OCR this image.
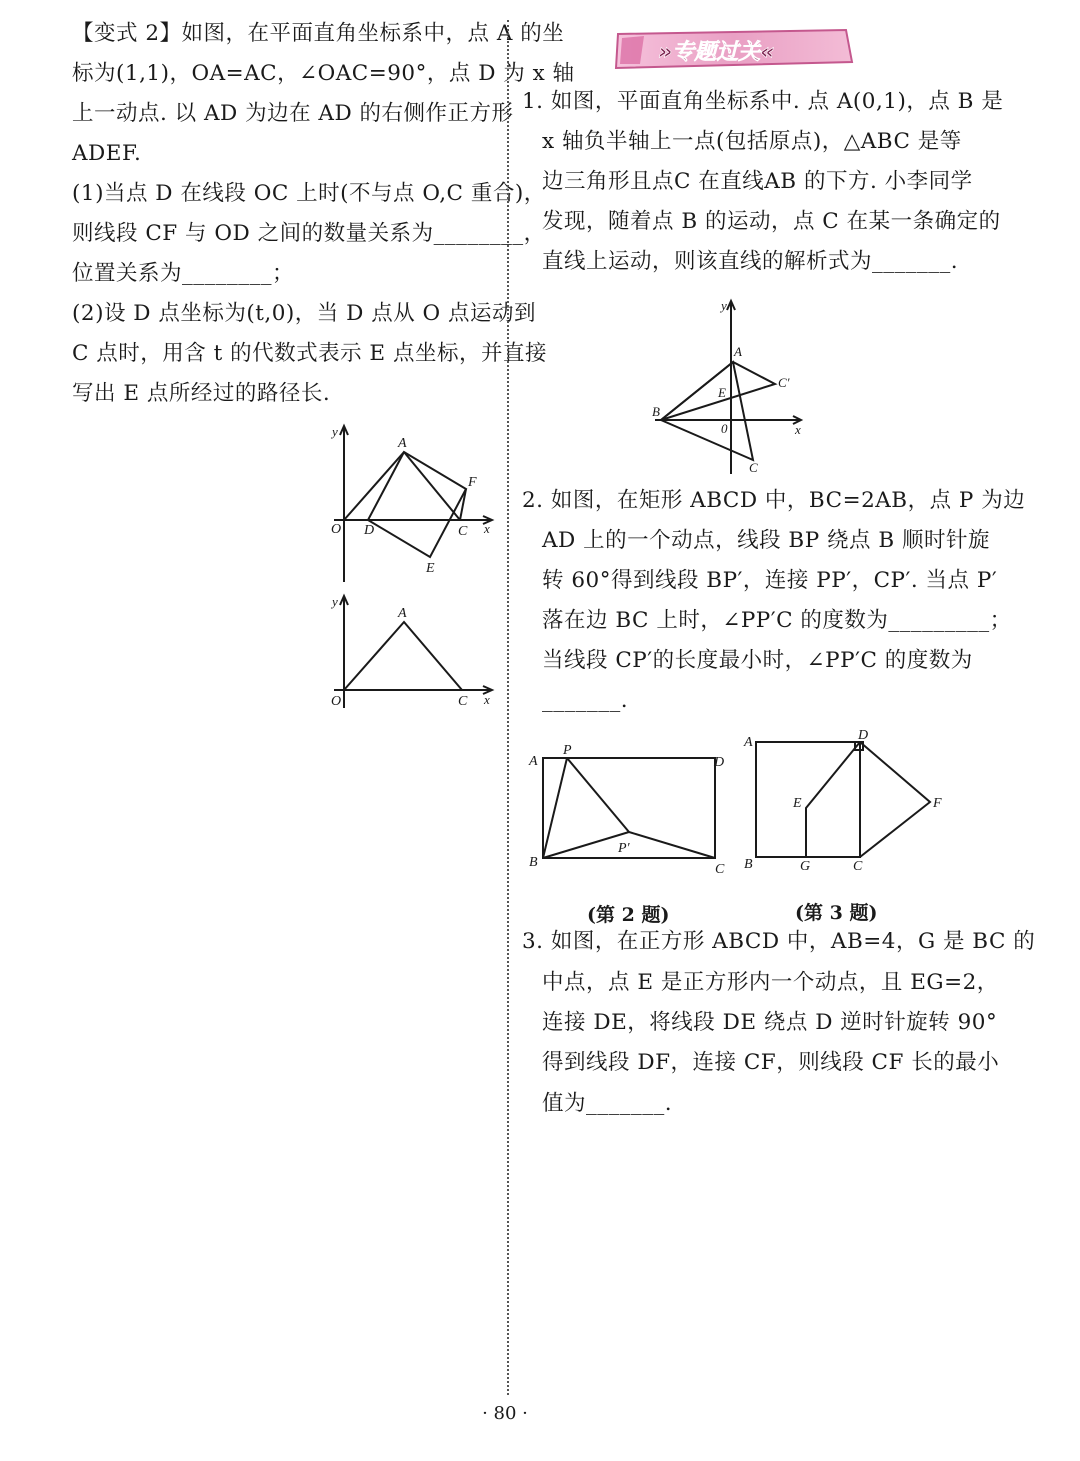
【变式 2】如图，在平面直角坐标系中，点 A 的坐
标为(1,1)，OA=AC，∠OAC=90°，点 D 为 x 轴
上一动点. 以 AD 为边在 AD 的右侧作正方形
ADEF.
(1)当点 D 在线段 OC 上时(不与点 O,C 重合)，
则线段 CF 与 OD 之间的数量关系为________，
位置关系为________；
(2)设 D 点坐标为(t,0)，当 D 点从 O 点运动到
C 点时，用含 t 的代数式表示 E 点坐标，并直接
写出 E 点所经过的路径长.
y
x
O
A
D
F
C
E
y
x
O
A
C
»专题过关«
1. 如图，平面直角坐标系中. 点 A(0,1)，点 B 是
x 轴负半轴上一点(包括原点)，△ABC 是等
边三角形且点C 在直线AB 的下方. 小李同学
发现，随着点 B 的运动，点 C 在某一条确定的
直线上运动，则该直线的解析式为_______.
y
x
A
B
0
C
C′
E
2. 如图，在矩形 ABCD 中，BC=2AB，点 P 为边
AD 上的一个动点，线段 BP 绕点 B 顺时针旋
转 60°得到线段 BP′，连接 PP′，CP′. 当点 P′
落在边 BC 上时，∠PP′C 的度数为_________；
当线段 CP′的长度最小时，∠PP′C 的度数为
_______.
A
P
D
B	C
P′
A	D
E	F
B	G	C
(第 2 题)	(第 3 题)
3. 如图，在正方形 ABCD 中，AB=4，G 是 BC 的
中点，点 E 是正方形内一个动点，且 EG=2，
连接 DE，将线段 DE 绕点 D 逆时针旋转 90°
得到线段 DF，连接 CF，则线段 CF 长的最小
值为_______.
· 80 ·
